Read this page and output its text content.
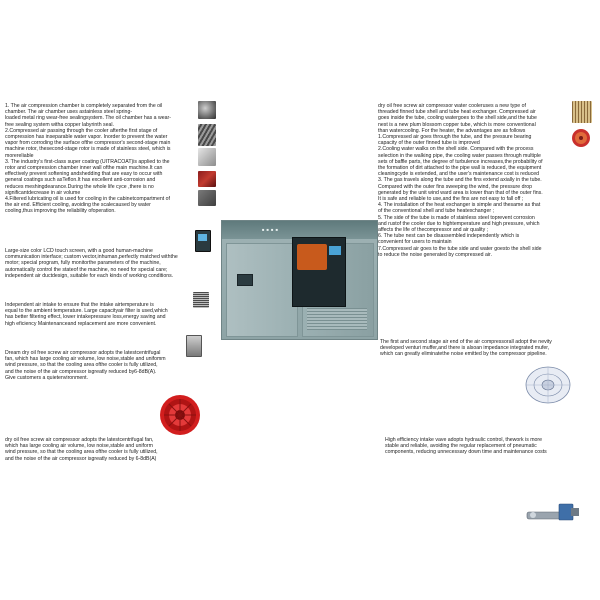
1. The air compression chamber is completely separated from the oil
chamber. The air chamber uses astainless steel spring-
loaded metal ring wear-free sealingsystem. The oil chamber has a wear-
free sealing system witha copper labyrinth seal.
2.Compressed air passing through the cooler afterthe first stage of
compression has inseparable water vapor. Inorder to prevent the water
vapor from corroding the surface ofthe compressor's second-stage main
machine rotor, thesecond-stage rotor is made of stainless steel, which is
morereliable
3. The industry's first-class super coating (UITRACOAT)is applied to the
rotor and compression chamber inner wall ofthe main machine.It can
effectively prevent softening andshedding that are easy to occur with
general coatings such asTeflon.It has excellent anti-corrosion and
reduces meshingdearance.During the whole life cyce ,there is no
significantdecrease in air volume
4.Filtered lubricating oil is used for cooling in the cabinetcompartment of
the air end. Efficient cooling, avoiding the scalecaused by water
cooling,thus improving the reliability ofoperation.

Large-size color LCD touch screen, with a good human-machine
communication interface; custom vector,inhuman,perfectly matched withthe
motor; special program, fully monitorthe parameters of the machine,
automatically control the stateof the machine, no need for special care;
independent air ductdesign, suitable for each kinds of working conditions.

Independent air intake to ensure that the intake airtemperature is
equal to the ambient temperature. Large capacityair filter is used,which
has better filtering effect, lower intakepressure loss,energy saving and
high eficiency Maintenanceand replacement are more convenient.

Dream dry oil free screw air compressor adopts the latestcentrifugal
fan, which has large cooling air volume, low noise,stable and unifomm
wind pressure, so that the cooling area ofthe cooler is fully utilized,
and the noise of the air compressor isgreatly reduced by6-8dB(A).
Give customers a quietenvironment.

dry oil free screw air compressor adopts the latestcentrifugal fan,
which has large cooling air volume, low noise,stable and uniform
wind pressure, so that the cooling area ofthe cooler is fully utilized,
and the noise of the air compressor isgreatly reduced by 6-8dB(A)

■ ■ ■ ■

dry oil free screw air compressor water cooleruses a new type of
threaded finned tube shell and tube heat exchanger. Compressed air
goes inside the tube, cooling watergoes to the shell side,and the tube
nest is a new plum blossom copper tube, which is more conventional
than watercooling. For the heater, the advantages are as follows
1.Compressed air goes through the tube, and the pressure bearing
capacity of the outer finned tube is improved
2.Cooling water walks on the shell side. Compared with the process
selection in the walking pipe, the cooling water passes through multiple
sets of baffle parts, the degree of turbulence increases,the probability of
the formation of dirt attached to the pipe wall is reduced, the equipment
cleaningcyde is extended, and the user's maintenance cost is reduced
3. The gas travels along the tube and the fins extend axially in the tube.
Compared with the outer fins sweeping the wind, the pressure drop
generated by the unit wind ward area is lower than that of the outer fins.
It is safe and reliable to use,and the fins are not easy to fall off ;
4. The installation of the heat exchanger is simple and thesame as that
of the conventional shell and tube heatexchanger ;
5. The side of the tube is made of stainless steel toprevent corrosion
and rustof the cooler due to hightemperature and high pressure, which
affects the life of thecompressor and air quality ;
6. The tube nest can be disassembled independently which is
convenient for users to maintain
7.Compressed air goes to the tube side and water goesto the shell side
to reduce the noise generated by compressed air.

The first and second stage air end of the air compressorall adopt the nevity
developed venturi muffer,and there is alsoan impedance integrated mufer,
which can greatly eliminatethe noise emitted by the compressor pipeline.

High efficiency intake vave adopts hydraulic control, thework is more
stable and reliable, avoiding the regular replacement of pneumatic
components, reducing unnecessary down time and maintenance costs
